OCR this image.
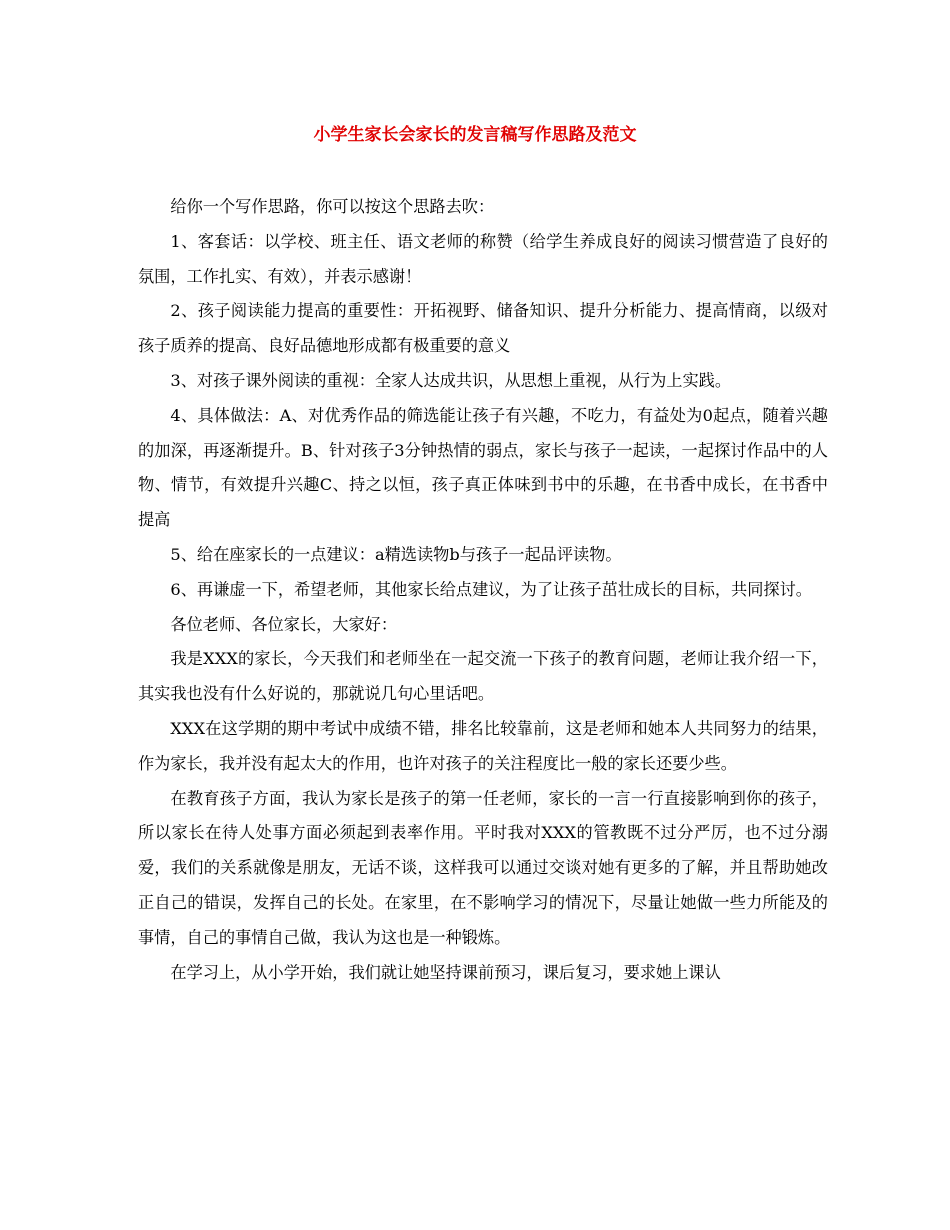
小学生家长会家长的发言稿写作思路及范文

给你一个写作思路，你可以按这个思路去吹：

1、客套话：以学校、班主任、语文老师的称赞（给学生养成良好的阅读习惯营造了良好的氛围，工作扎实、有效），并表示感谢！

2、孩子阅读能力提高的重要性：开拓视野、储备知识、提升分析能力、提高情商，以级对孩子质养的提高、良好品德地形成都有极重要的意义

3、对孩子课外阅读的重视：全家人达成共识，从思想上重视，从行为上实践。

4、具体做法：A、对优秀作品的筛选能让孩子有兴趣，不吃力，有益处为0起点，随着兴趣的加深，再逐渐提升。B、针对孩子3分钟热情的弱点，家长与孩子一起读，一起探讨作品中的人物、情节，有效提升兴趣C、持之以恒，孩子真正体味到书中的乐趣，在书香中成长，在书香中提高

5、给在座家长的一点建议：a精选读物b与孩子一起品评读物。

6、再谦虚一下，希望老师，其他家长给点建议，为了让孩子茁壮成长的目标，共同探讨。

各位老师、各位家长，大家好：

我是XXX的家长，今天我们和老师坐在一起交流一下孩子的教育问题，老师让我介绍一下，其实我也没有什么好说的，那就说几句心里话吧。

XXX在这学期的期中考试中成绩不错，排名比较靠前，这是老师和她本人共同努力的结果，作为家长，我并没有起太大的作用，也许对孩子的关注程度比一般的家长还要少些。

在教育孩子方面，我认为家长是孩子的第一任老师，家长的一言一行直接影响到你的孩子，所以家长在待人处事方面必须起到表率作用。平时我对XXX的管教既不过分严厉，也不过分溺爱，我们的关系就像是朋友，无话不谈，这样我可以通过交谈对她有更多的了解，并且帮助她改正自己的错误，发挥自己的长处。在家里，在不影响学习的情况下，尽量让她做一些力所能及的事情，自己的事情自己做，我认为这也是一种锻炼。

在学习上，从小学开始，我们就让她坚持课前预习，课后复习，要求她上课认
